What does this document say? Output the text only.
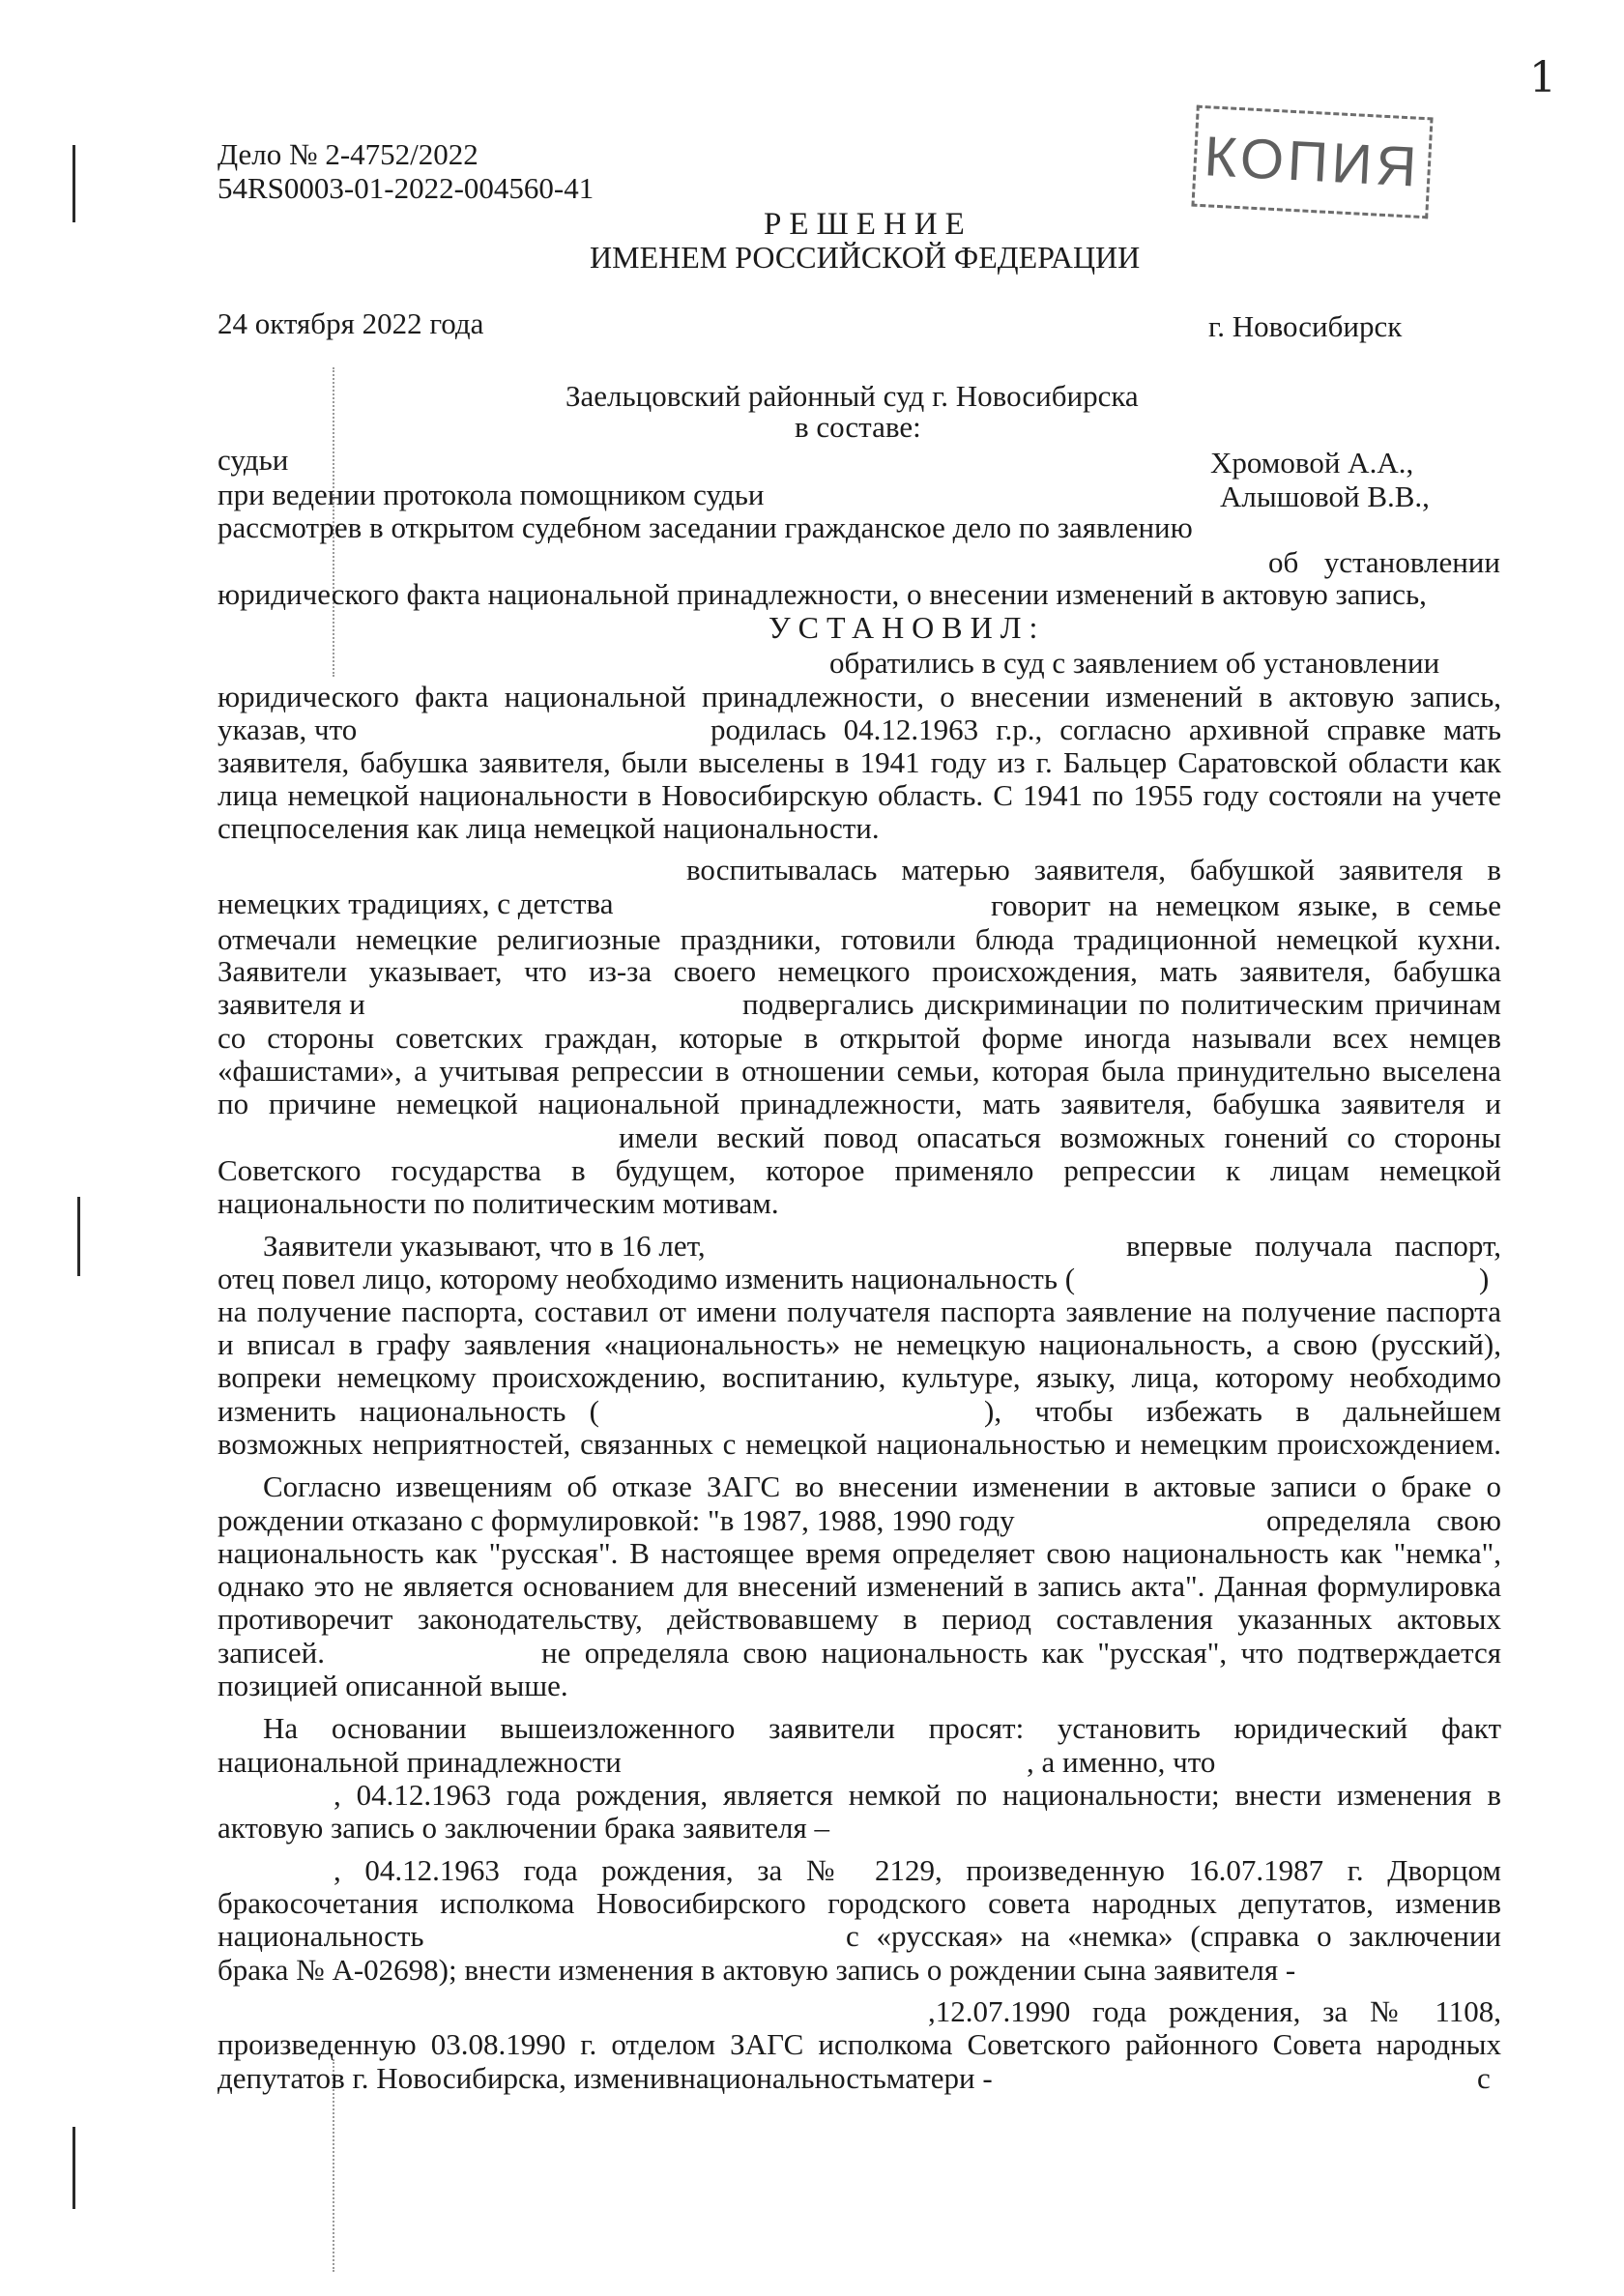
1
КОПИЯ
Дело № 2-4752/2022
54RS0003-01-2022-004560-41
РЕШЕНИЕ
ИМЕНЕМ РОССИЙСКОЙ ФЕДЕРАЦИИ
24 октября 2022 года	г. Новосибирск
Заельцовский районный суд г. Новосибирска
в составе:
судьи	Хромовой А.А.,
при ведении протокола помощником судьи	Алышовой В.В.,
рассмотрев в открытом судебном заседании гражданское дело по заявлению
об установлении
юридического факта национальной принадлежности, о внесении изменений в актовую запись,
УСТАНОВИЛ:
обратились в суд с заявлением об установлении
юридического факта национальной принадлежности, о внесении изменений в актовую запись,
указав, что	родилась 04.12.1963 г.р., согласно архивной справке мать
заявителя, бабушка заявителя, были выселены в 1941 году из г. Бальцер Саратовской области как
лица немецкой национальности в Новосибирскую область. С 1941 по 1955 году состояли на учете
спецпоселения как лица немецкой национальности.
воспитывалась матерью заявителя, бабушкой заявителя в
немецких традициях, с детства	говорит на немецком языке, в семье
отмечали немецкие религиозные праздники, готовили блюда традиционной немецкой кухни.
Заявители указывает, что из-за своего немецкого происхождения, мать заявителя, бабушка
заявителя и	подвергались дискриминации по политическим причинам
со стороны советских граждан, которые в открытой форме иногда называли всех немцев
«фашистами», а учитывая репрессии в отношении семьи, которая была принудительно выселена
по причине немецкой национальной принадлежности, мать заявителя, бабушка заявителя и
имели веский повод опасаться возможных гонений со стороны
Советского государства в будущем, которое применяло репрессии к лицам немецкой
национальности по политическим мотивам.
Заявители указывают, что в 16 лет,	впервые получала паспорт,
отец повел лицо, которому необходимо изменить национальность (	)
на получение паспорта, составил от имени получателя паспорта заявление на получение паспорта
и вписал в графу заявления «национальность» не немецкую национальность, а свою (русский),
вопреки немецкому происхождению, воспитанию, культуре, языку, лица, которому необходимо
изменить национальность (	), чтобы избежать в дальнейшем
возможных неприятностей, связанных с немецкой национальностью и немецким происхождением.
Согласно извещениям об отказе ЗАГС во внесении изменении в актовые записи о браке о
рождении отказано с формулировкой: "в 1987, 1988, 1990 году	определяла свою
национальность как "русская". В настоящее время определяет свою национальность как "немка",
однако это не является основанием для внесений изменений в запись акта". Данная формулировка
противоречит законодательству, действовавшему в период составления указанных актовых
записей.	не определяла свою национальность как "русская", что подтверждается
позицией описанной выше.
На основании вышеизложенного заявители просят: установить юридический факт
национальной принадлежности	, а именно, что
, 04.12.1963 года рождения, является немкой по национальности; внести изменения в
актовую запись о заключении брака заявителя –
, 04.12.1963 года рождения, за № 2129, произведенную 16.07.1987 г. Дворцом
бракосочетания исполкома Новосибирского городского совета народных депутатов, изменив
национальность	с «русская» на «немка» (справка о заключении
брака № А-02698); внести изменения в актовую запись о рождении сына заявителя -
,12.07.1990 года рождения, за № 1108,
произведенную 03.08.1990 г. отделом ЗАГС исполкома Советского районного Совета народных
депутатов г. Новосибирска, изменивнациональностьматери -	с
